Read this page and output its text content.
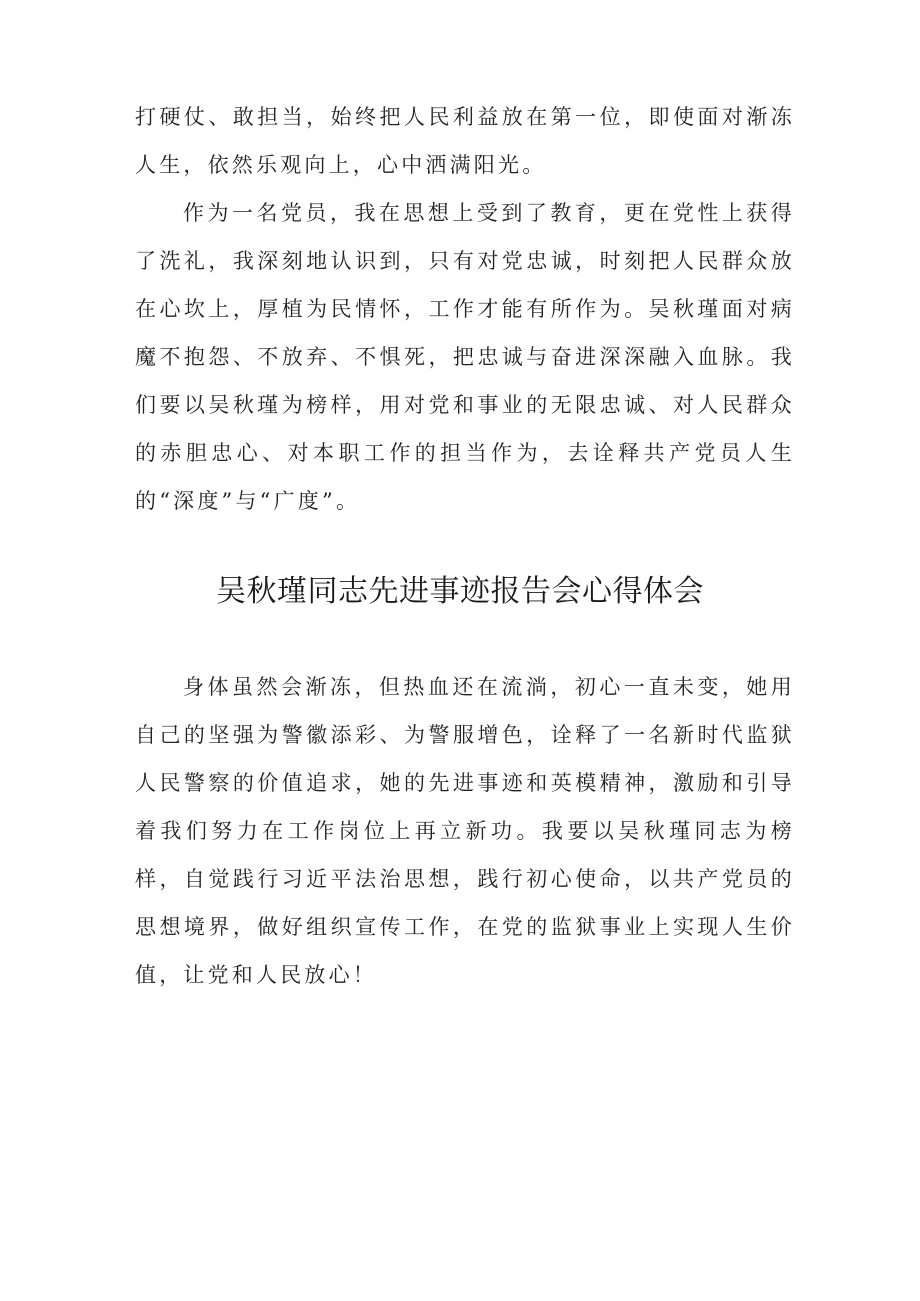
打硬仗、敢担当，始终把人民利益放在第一位，即使面对渐冻人生，依然乐观向上，心中洒满阳光。

作为一名党员，我在思想上受到了教育，更在党性上获得了洗礼，我深刻地认识到，只有对党忠诚，时刻把人民群众放在心坎上，厚植为民情怀，工作才能有所作为。吴秋瑾面对病魔不抱怨、不放弃、不惧死，把忠诚与奋进深深融入血脉。我们要以吴秋瑾为榜样，用对党和事业的无限忠诚、对人民群众的赤胆忠心、对本职工作的担当作为，去诠释共产党员人生的“深度”与“广度”。

吴秋瑾同志先进事迹报告会心得体会

身体虽然会渐冻，但热血还在流淌，初心一直未变，她用自己的坚强为警徽添彩、为警服增色，诠释了一名新时代监狱人民警察的价值追求，她的先进事迹和英模精神，激励和引导着我们努力在工作岗位上再立新功。我要以吴秋瑾同志为榜样，自觉践行习近平法治思想，践行初心使命，以共产党员的思想境界，做好组织宣传工作，在党的监狱事业上实现人生价值，让党和人民放心！
